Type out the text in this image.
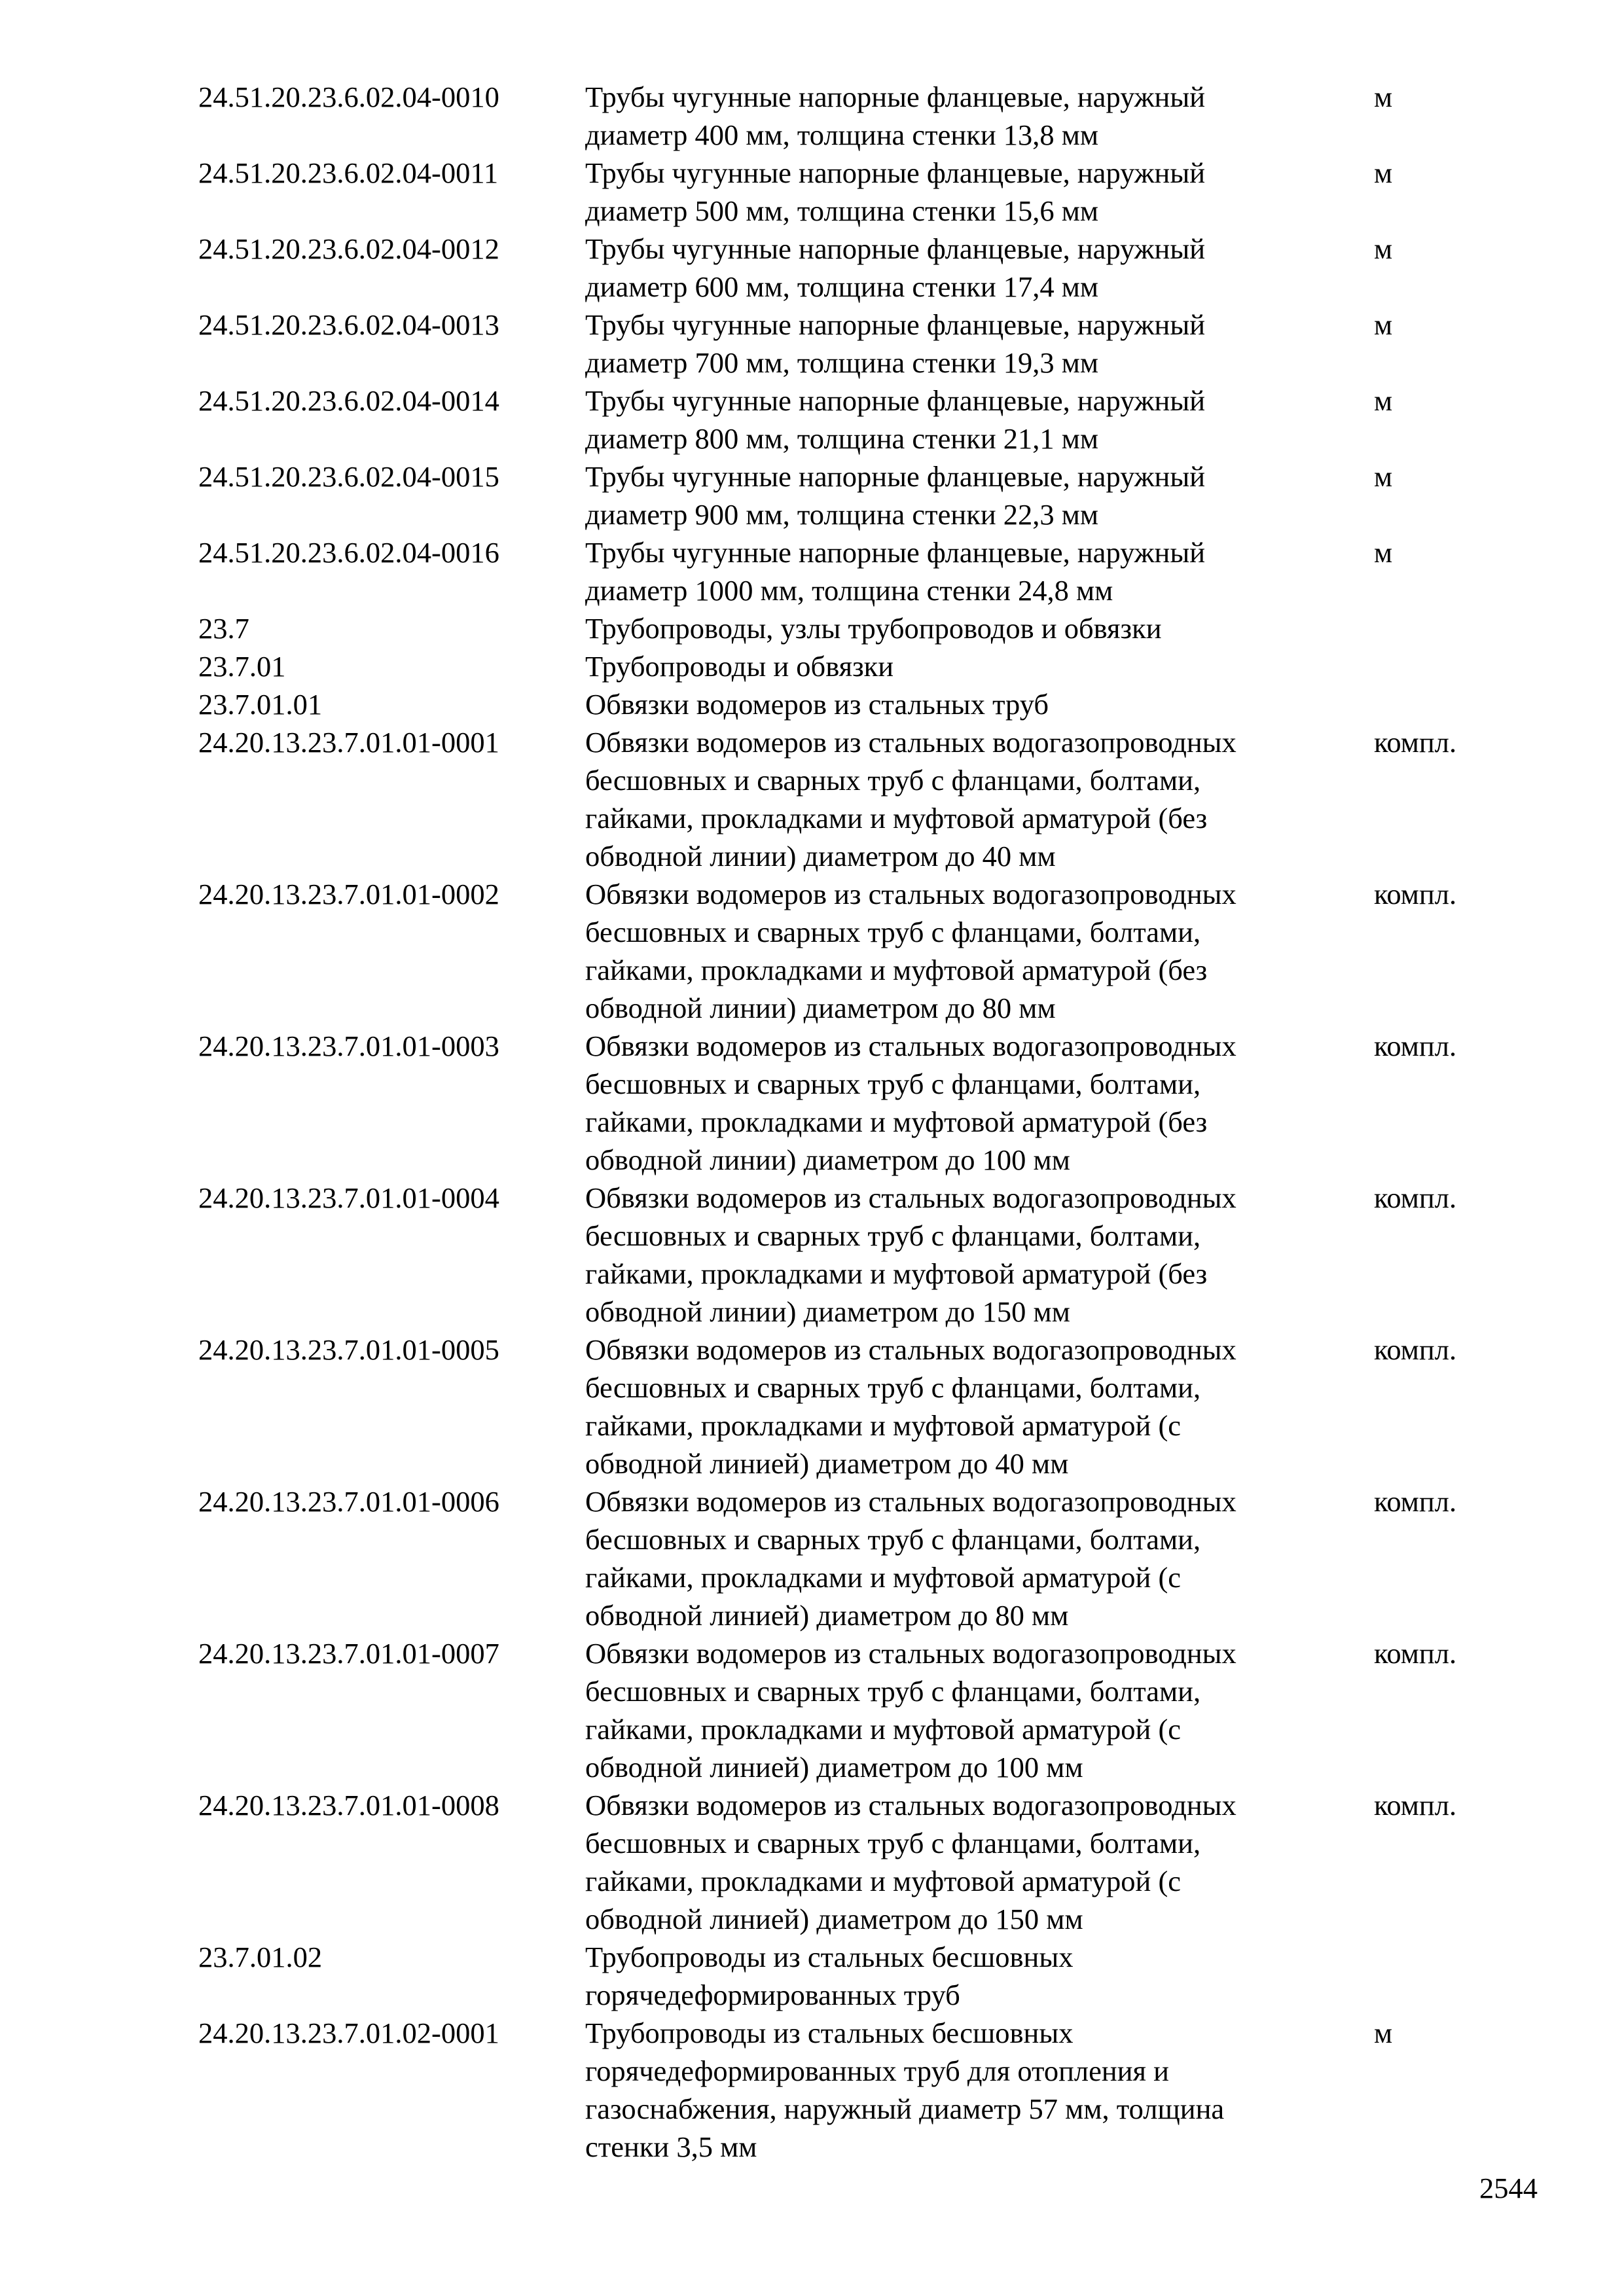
24.51.20.23.6.02.04-0010	Трубы чугунные напорные фланцевые, наружный
диаметр 400 мм, толщина стенки 13,8 мм
м
24.51.20.23.6.02.04-0011	Трубы чугунные напорные фланцевые, наружный
диаметр 500 мм, толщина стенки 15,6 мм
м
24.51.20.23.6.02.04-0012	Трубы чугунные напорные фланцевые, наружный
диаметр 600 мм, толщина стенки 17,4 мм
м
24.51.20.23.6.02.04-0013	Трубы чугунные напорные фланцевые, наружный
диаметр 700 мм, толщина стенки 19,3 мм
м
24.51.20.23.6.02.04-0014	Трубы чугунные напорные фланцевые, наружный
диаметр 800 мм, толщина стенки 21,1 мм
м
24.51.20.23.6.02.04-0015	Трубы чугунные напорные фланцевые, наружный
диаметр 900 мм, толщина стенки 22,3 мм
м
24.51.20.23.6.02.04-0016	Трубы чугунные напорные фланцевые, наружный
диаметр 1000 мм, толщина стенки 24,8 мм
м
23.7	Трубопроводы, узлы трубопроводов и обвязки
23.7.01	Трубопроводы и обвязки
23.7.01.01	Обвязки водомеров из стальных труб
24.20.13.23.7.01.01-0001	Обвязки водомеров из стальных водогазопроводных
бесшовных и сварных труб с фланцами, болтами,
гайками, прокладками и муфтовой арматурой (без
обводной линии) диаметром до 40 мм
компл.
24.20.13.23.7.01.01-0002	Обвязки водомеров из стальных водогазопроводных
бесшовных и сварных труб с фланцами, болтами,
гайками, прокладками и муфтовой арматурой (без
обводной линии) диаметром до 80 мм
компл.
24.20.13.23.7.01.01-0003	Обвязки водомеров из стальных водогазопроводных
бесшовных и сварных труб с фланцами, болтами,
гайками, прокладками и муфтовой арматурой (без
обводной линии) диаметром до 100 мм
компл.
24.20.13.23.7.01.01-0004	Обвязки водомеров из стальных водогазопроводных
бесшовных и сварных труб с фланцами, болтами,
гайками, прокладками и муфтовой арматурой (без
обводной линии) диаметром до 150 мм
компл.
24.20.13.23.7.01.01-0005	Обвязки водомеров из стальных водогазопроводных
бесшовных и сварных труб с фланцами, болтами,
гайками, прокладками и муфтовой арматурой (с
обводной линией) диаметром до 40 мм
компл.
24.20.13.23.7.01.01-0006	Обвязки водомеров из стальных водогазопроводных
бесшовных и сварных труб с фланцами, болтами,
гайками, прокладками и муфтовой арматурой (с
обводной линией) диаметром до 80 мм
компл.
24.20.13.23.7.01.01-0007	Обвязки водомеров из стальных водогазопроводных
бесшовных и сварных труб с фланцами, болтами,
гайками, прокладками и муфтовой арматурой (с
обводной линией) диаметром до 100 мм
компл.
24.20.13.23.7.01.01-0008	Обвязки водомеров из стальных водогазопроводных
бесшовных и сварных труб с фланцами, болтами,
гайками, прокладками и муфтовой арматурой (с
обводной линией) диаметром до 150 мм
компл.
23.7.01.02	Трубопроводы из стальных бесшовных
горячедеформированных труб
24.20.13.23.7.01.02-0001	Трубопроводы из стальных бесшовных
горячедеформированных труб для отопления и
газоснабжения, наружный диаметр 57 мм, толщина
стенки 3,5 мм
м
2544
